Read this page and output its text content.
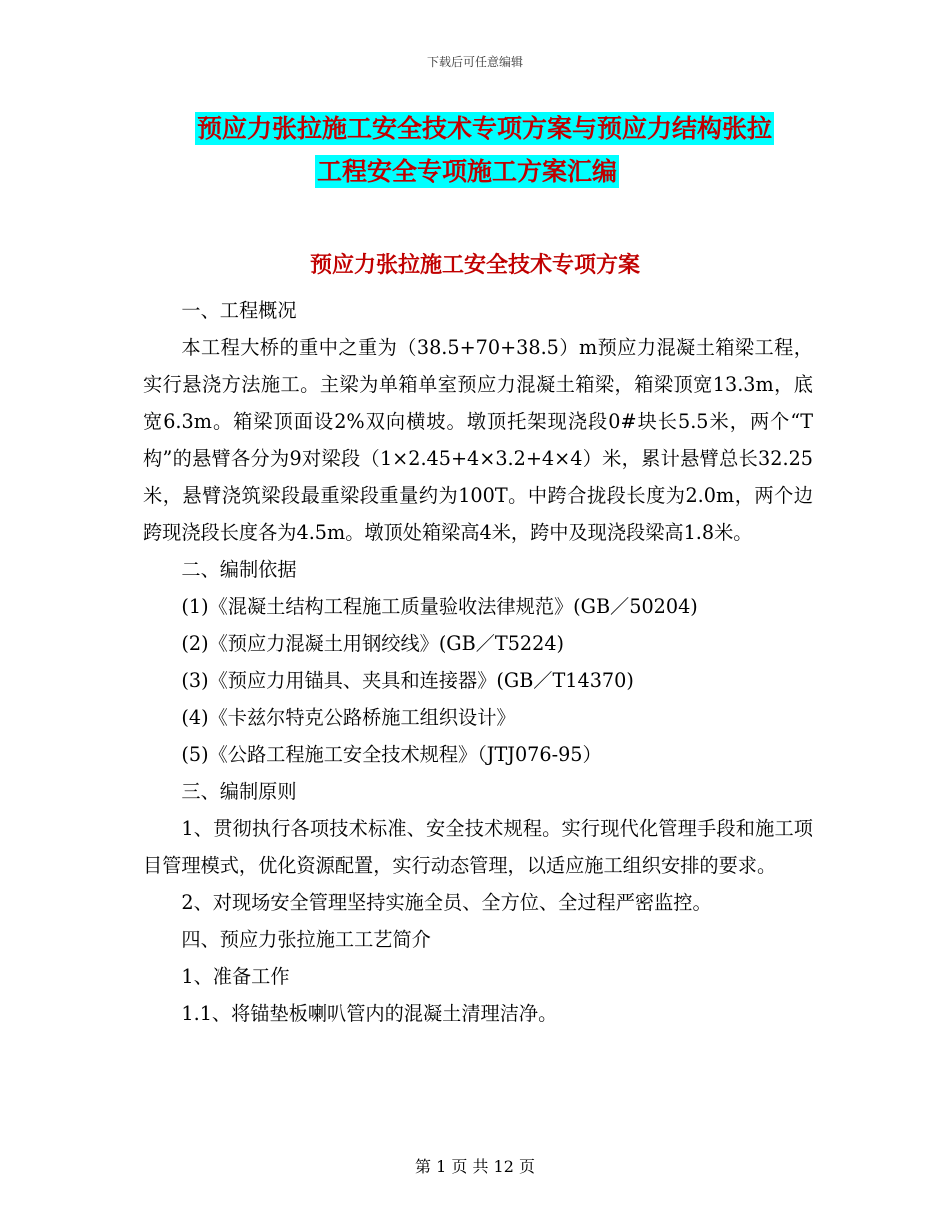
下载后可任意编辑
预应力张拉施工安全技术专项方案与预应力结构张拉
工程安全专项施工方案汇编
预应力张拉施工安全技术专项方案

一、工程概况

本工程大桥的重中之重为（38.5+70+38.5）m预应力混凝土箱梁工程，实行悬浇方法施工。主梁为单箱单室预应力混凝土箱梁，箱梁顶宽13.3m，底宽6.3m。箱梁顶面设2%双向横坡。墩顶托架现浇段0#块长5.5米，两个“T构”的悬臂各分为9对梁段（1×2.45+4×3.2+4×4）米，累计悬臂总长32.25米，悬臂浇筑梁段最重梁段重量约为100T。中跨合拢段长度为2.0m，两个边跨现浇段长度各为4.5m。墩顶处箱梁高4米，跨中及现浇段梁高1.8米。

二、编制依据

(1)《混凝土结构工程施工质量验收法律规范》(GB／50204)

(2)《预应力混凝土用钢绞线》(GB／T5224)

(3)《预应力用锚具、夹具和连接器》(GB／T14370)

(4)《卡兹尔特克公路桥施工组织设计》

(5)《公路工程施工安全技术规程》（JTJ076-95）

三、编制原则

1、贯彻执行各项技术标准、安全技术规程。实行现代化管理手段和施工项目管理模式，优化资源配置，实行动态管理，以适应施工组织安排的要求。

2、对现场安全管理坚持实施全员、全方位、全过程严密监控。

四、预应力张拉施工工艺简介

1、准备工作

1.1、将锚垫板喇叭管内的混凝土清理洁净。

第 1 页 共 12 页
